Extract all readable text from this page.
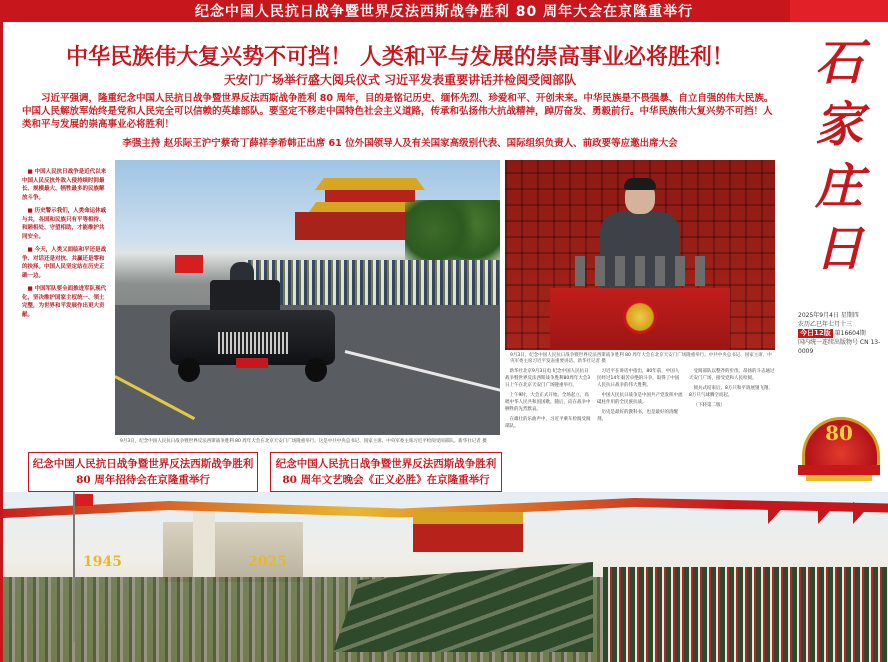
纪念中国人民抗日战争暨世界反法西斯战争胜利 80 周年大会在京隆重举行
石
家
庄
日
2025年9月4日 星期四
农历乙巳年七月十三
今日12版 第16604期
国内统一连续出版物号 CN 13-0009
80
中华民族伟大复兴势不可挡！ 人类和平与发展的崇高事业必将胜利！
天安门广场举行盛大阅兵仪式 习近平发表重要讲话并检阅受阅部队
习近平强调，隆重纪念中国人民抗日战争暨世界反法西斯战争胜利 80 周年，目的是铭记历史、缅怀先烈、珍爱和平、开创未来。中华民族是不畏强暴、自立自强的伟大民族。中国人民解放军始终是党和人民完全可以信赖的英雄部队。要坚定不移走中国特色社会主义道路，传承和弘扬伟大抗战精神，踔厉奋发、勇毅前行。中华民族伟大复兴势不可挡！人类和平与发展的崇高事业必将胜利！
李强主持 赵乐际王沪宁蔡奇丁薛祥李希韩正出席 61 位外国领导人及有关国家高级别代表、国际组织负责人、前政要等应邀出席大会

■ 中国人民抗日战争是近代以来中国人民反抗外敌入侵持续时间最长、规模最大、牺牲最多的民族解放斗争。

■ 历史警示我们，人类命运休戚与共，各国和民族只有平等相待、和睦相处、守望相助，才能维护共同安全。

■ 今天，人类又面临和平还是战争、对话还是对抗、共赢还是零和的抉择。中国人民坚定站在历史正确一边。

■ 中国军队要全面推进军队现代化，坚决维护国家主权统一、领土完整，为世界和平发展作出更大贡献。

9月3日，纪念中国人民抗日战争暨世界反法西斯战争胜利 80 周年大会在北京天安门广场隆重举行。这是中共中央总书记、国家主席、中央军委主席习近平检阅受阅部队。新华社记者 摄
9月3日，纪念中国人民抗日战争暨世界反法西斯战争胜利 80 周年大会在北京天安门广场隆重举行。中共中央总书记、国家主席、中央军委主席习近平发表重要讲话。新华社记者 摄

新华社北京9月3日电 纪念中国人民抗日战争暨世界反法西斯战争胜利80周年大会3日上午在北京天安门广场隆重举行。

上午9时，大会正式开始。全场起立，高唱中华人民共和国国歌。随后，向在战争中牺牲的先烈默哀。

在雄壮的乐曲声中，习近平乘车检阅受阅部队。

习近平在讲话中指出，80年前，中国人民经过14年艰苦卓绝的斗争，取得了中国人民抗日战争的伟大胜利。

中国人民抗日战争是中国共产党发挥中流砥柱作用的全民族抗战。

历史是最好的教科书，也是最好的清醒剂。

受阅部队以整齐的步伐、昂扬的斗志通过天安门广场，接受党和人民检阅。

阅兵式结束后，8万只和平鸽展翅飞翔，8万只气球腾空而起。

（下转第二版）

纪念中国人民抗日战争暨世界反法西斯战争胜利 80 周年招待会在京隆重举行
纪念中国人民抗日战争暨世界反法西斯战争胜利 80 周年文艺晚会《正义必胜》在京隆重举行
1945	2025
